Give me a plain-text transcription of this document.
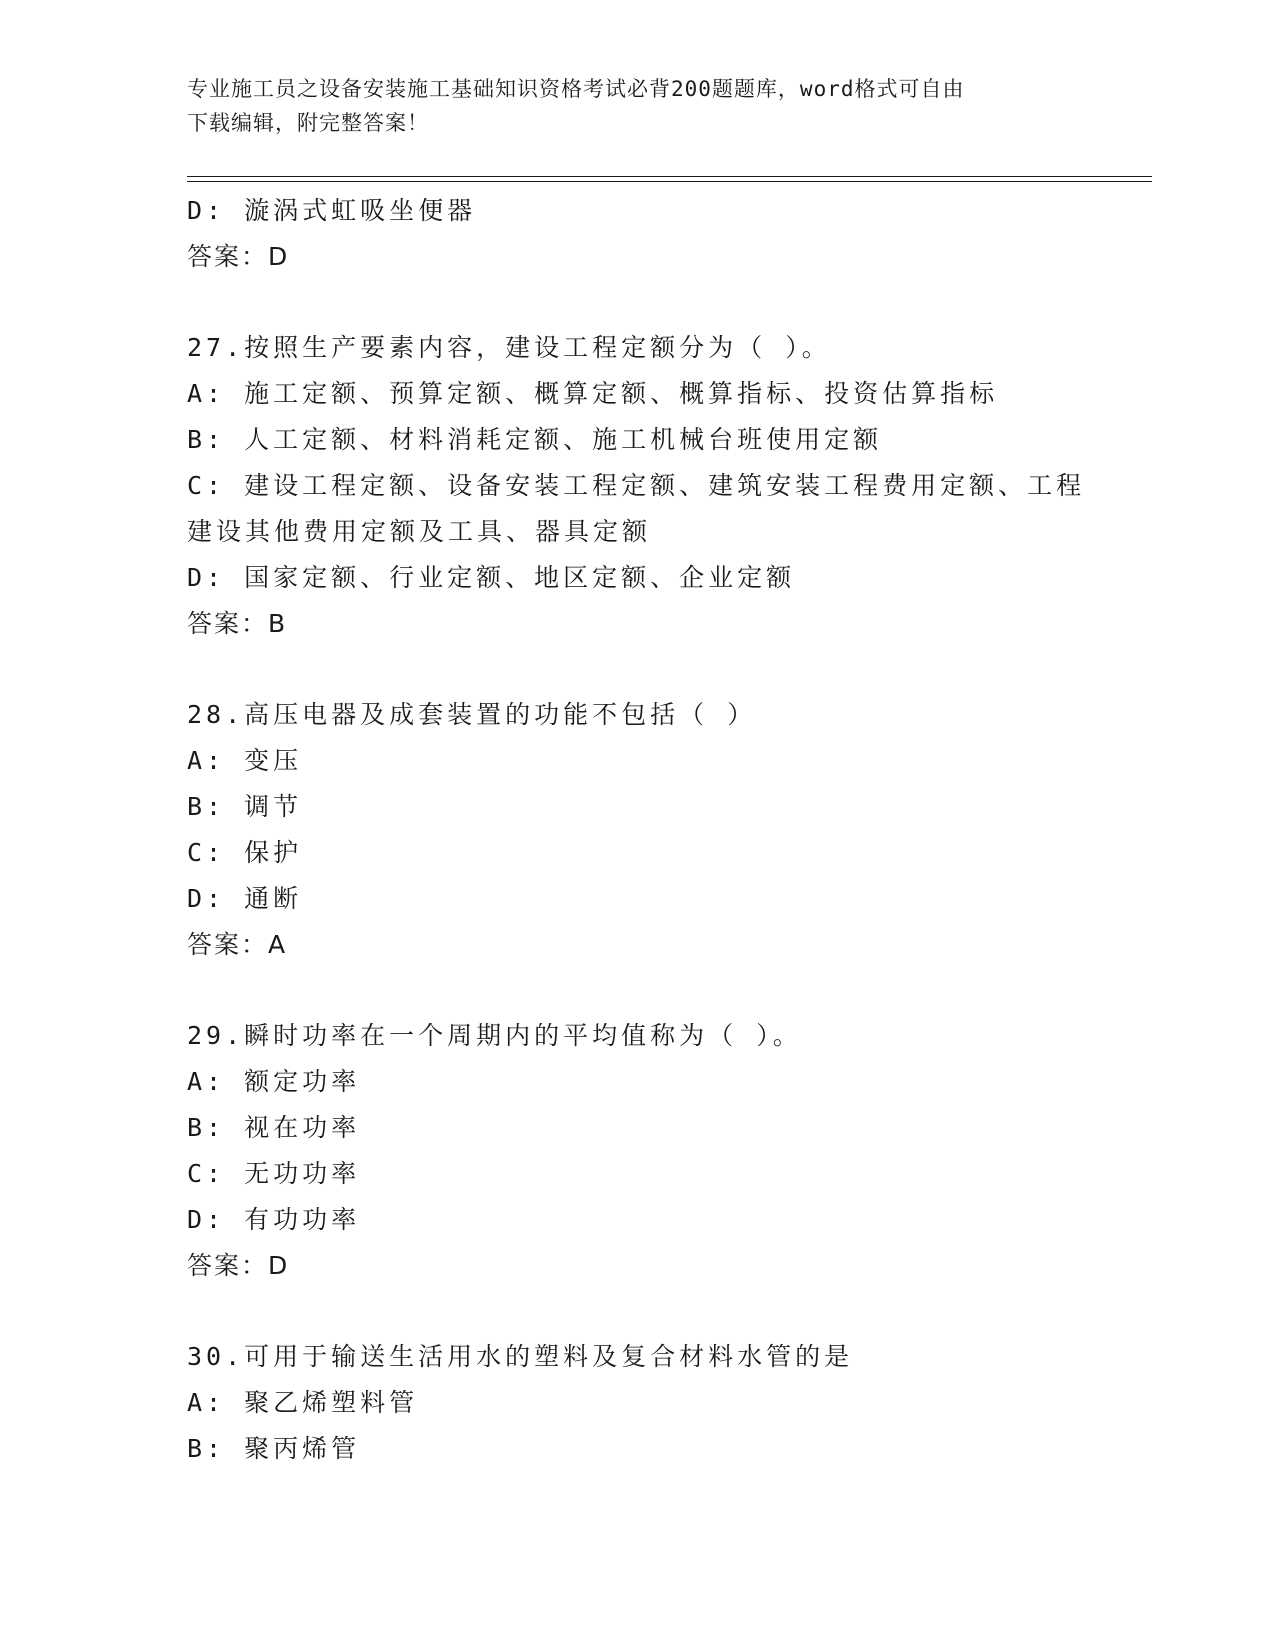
专业施工员之设备安装施工基础知识资格考试必背200题题库，word格式可自由
下载编辑，附完整答案！
D: 漩涡式虹吸坐便器
答案：D
27.按照生产要素内容，建设工程定额分为（ ）。
A: 施工定额、预算定额、概算定额、概算指标、投资估算指标
B: 人工定额、材料消耗定额、施工机械台班使用定额
C: 建设工程定额、设备安装工程定额、建筑安装工程费用定额、工程
建设其他费用定额及工具、器具定额
D: 国家定额、行业定额、地区定额、企业定额
答案：B
28.高压电器及成套装置的功能不包括（ ）
A: 变压
B: 调节
C: 保护
D: 通断
答案：A
29.瞬时功率在一个周期内的平均值称为（ ）。
A: 额定功率
B: 视在功率
C: 无功功率
D: 有功功率
答案：D
30.可用于输送生活用水的塑料及复合材料水管的是
A: 聚乙烯塑料管
B: 聚丙烯管
